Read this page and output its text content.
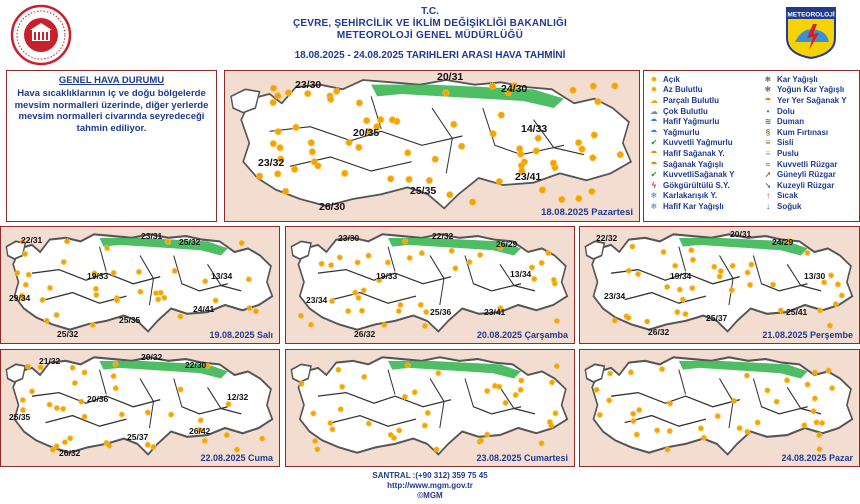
T.C.
ÇEVRE, ŞEHİRCİLİK VE İKLİM DEĞİŞİKLİĞİ BAKANLIĞI
METEOROLOJİ GENEL MÜDÜRLÜĞÜ
18.08.2025 - 24.08.2025 TARIHLERI ARASI HAVA TAHMİNİ
METEOROLOJİ
GENEL HAVA DURUMU
Hava sıcaklıklarının iç ve doğu bölgelerde mevsim normalleri üzerinde, diğer yerlerde mevsim normalleri civarında seyredeceği tahmin ediliyor.
23/30
20/31
24/30
20/35
23/32
14/33
23/41
25/35
26/30	18.08.2025 Pazartesi
✹ Açık
✹ Az Bulutlu
☁ Parçalı Bulutlu
☁ Çok Bulutlu
☂ Hafif Yağmurlu
☂ Yağmurlu
✔ Kuvvetli Yağmurlu
☂ Hafif Sağanak Y.
☂ Sağanak Yağışlı
✔ KuvvetliSağanak Y
ϟ Gökgürültülü S.Y.
❄ Karlakarışık Y.
❄ Hafif Kar Yağışlı
❄ Kar Yağışlı
❄ Yoğun Kar Yağışlı
☂ Yer Yer Sağanak Y
• Dolu
≋ Duman
§ Kum Fırtınası
≡ Sisli
≡ Puslu
≈ Kuvvetli Rüzgar
➚ Güneyli Rüzgar
➘ Kuzeyli Rüzgar
↑ Sıcak
↓ Soğuk
22/31	23/31
25/32
19/33	13/34
29/34
24/41
25/35
25/32	19.08.2025 Salı
23/30	22/32
26/29
19/33	13/34
23/34
25/36	23/41
26/32	20.08.2025 Çarşamba
22/32	20/31
24/29
19/34	13/30
23/34
25/37
25/41
26/32	21.08.2025 Perşembe
21/32	20/32
22/30
20/36	12/32
25/35
25/37
26/42
26/32	22.08.2025 Cuma	23.08.2025 Cumartesi	24.08.2025 Pazar
SANTRAL :(+90 312) 359 75 45
http://www.mgm.gov.tr
©MGM
